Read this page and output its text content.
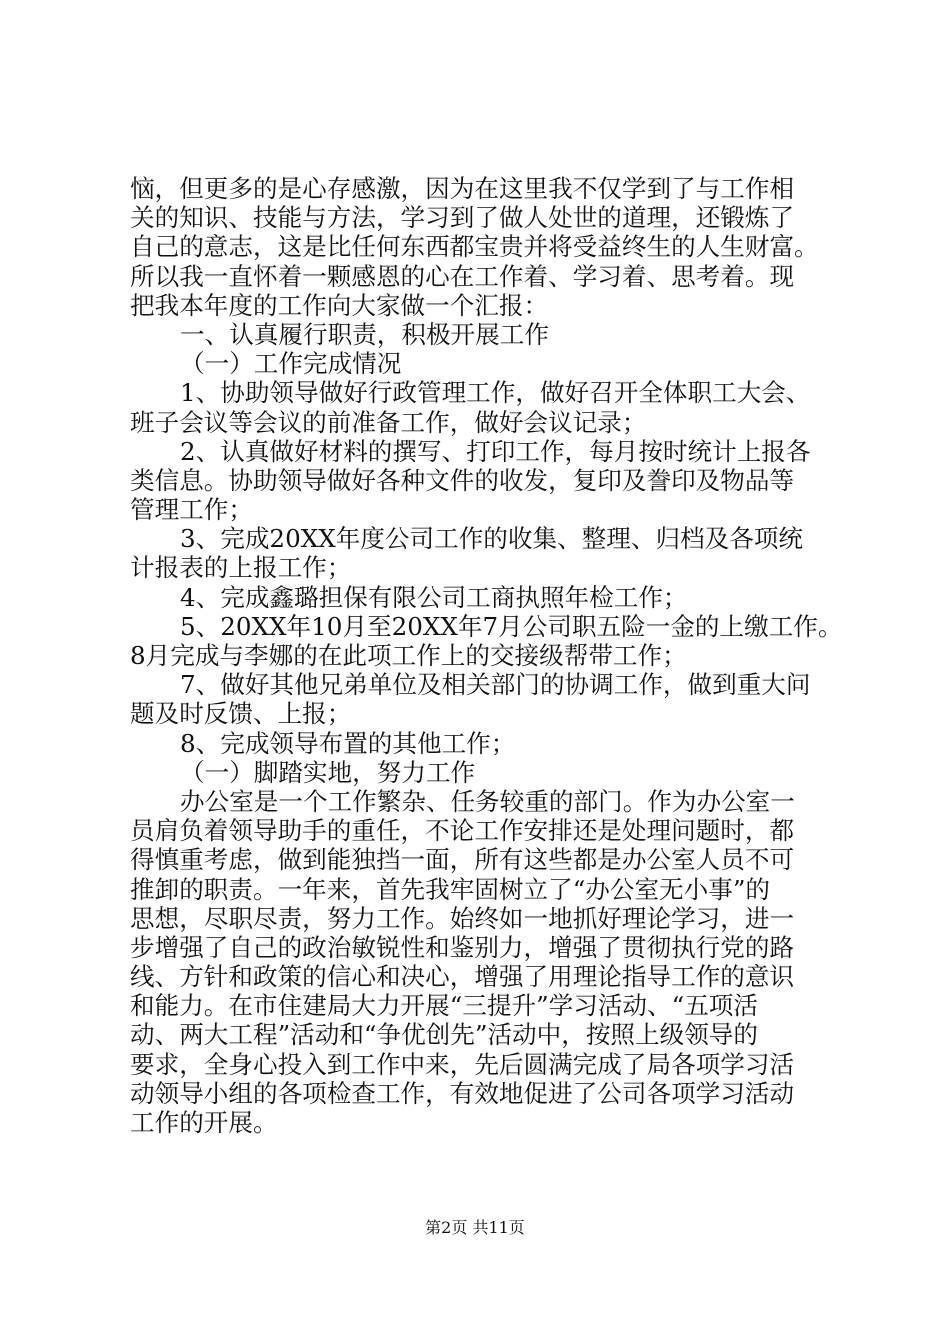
恼，但更多的是心存感激，因为在这里我不仅学到了与工作相
关的知识、技能与方法，学习到了做人处世的道理，还锻炼了
自己的意志，这是比任何东西都宝贵并将受益终生的人生财富。
所以我一直怀着一颗感恩的心在工作着、学习着、思考着。现
把我本年度的工作向大家做一个汇报：
一、认真履行职责，积极开展工作
（一）工作完成情况
1、协助领导做好行政管理工作，做好召开全体职工大会、
班子会议等会议的前准备工作，做好会议记录；
2、认真做好材料的撰写、打印工作，每月按时统计上报各
类信息。协助领导做好各种文件的收发，复印及誊印及物品等
管理工作；
3、完成20XX年度公司工作的收集、整理、归档及各项统
计报表的上报工作；
4、完成鑫璐担保有限公司工商执照年检工作；
5、20XX年10月至20XX年7月公司职五险一金的上缴工作。
8月完成与李娜的在此项工作上的交接级帮带工作；
7、做好其他兄弟单位及相关部门的协调工作，做到重大问
题及时反馈、上报；
8、完成领导布置的其他工作；
（一）脚踏实地，努力工作
办公室是一个工作繁杂、任务较重的部门。作为办公室一
员肩负着领导助手的重任，不论工作安排还是处理问题时，都
得慎重考虑，做到能独挡一面，所有这些都是办公室人员不可
推卸的职责。一年来，首先我牢固树立了“办公室无小事”的
思想，尽职尽责，努力工作。始终如一地抓好理论学习，进一
步增强了自己的政治敏锐性和鉴别力，增强了贯彻执行党的路
线、方针和政策的信心和决心，增强了用理论指导工作的意识
和能力。在市住建局大力开展“三提升”学习活动、“五项活
动、两大工程”活动和“争优创先”活动中，按照上级领导的
要求，全身心投入到工作中来，先后圆满完成了局各项学习活
动领导小组的各项检查工作，有效地促进了公司各项学习活动
工作的开展。
第2页 共11页
